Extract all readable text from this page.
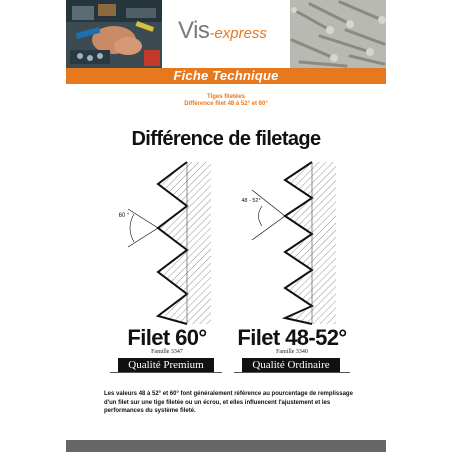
Vis-express
Fiche Technique
Tiges filetées
Différence filet 48 à 52° et 60°
Différence de filetage
60 °
48 - 52°
Filet 60°
Famille 3347
Qualité Premium
Filet 48-52°
Famille 3340
Qualité Ordinaire
Les valeurs 48 à 52° et 60° font généralement référence au pourcentage de remplissage d'un filet sur une tige filetée ou un écrou, et elles influencent l'ajustement et les performances du système fileté.
